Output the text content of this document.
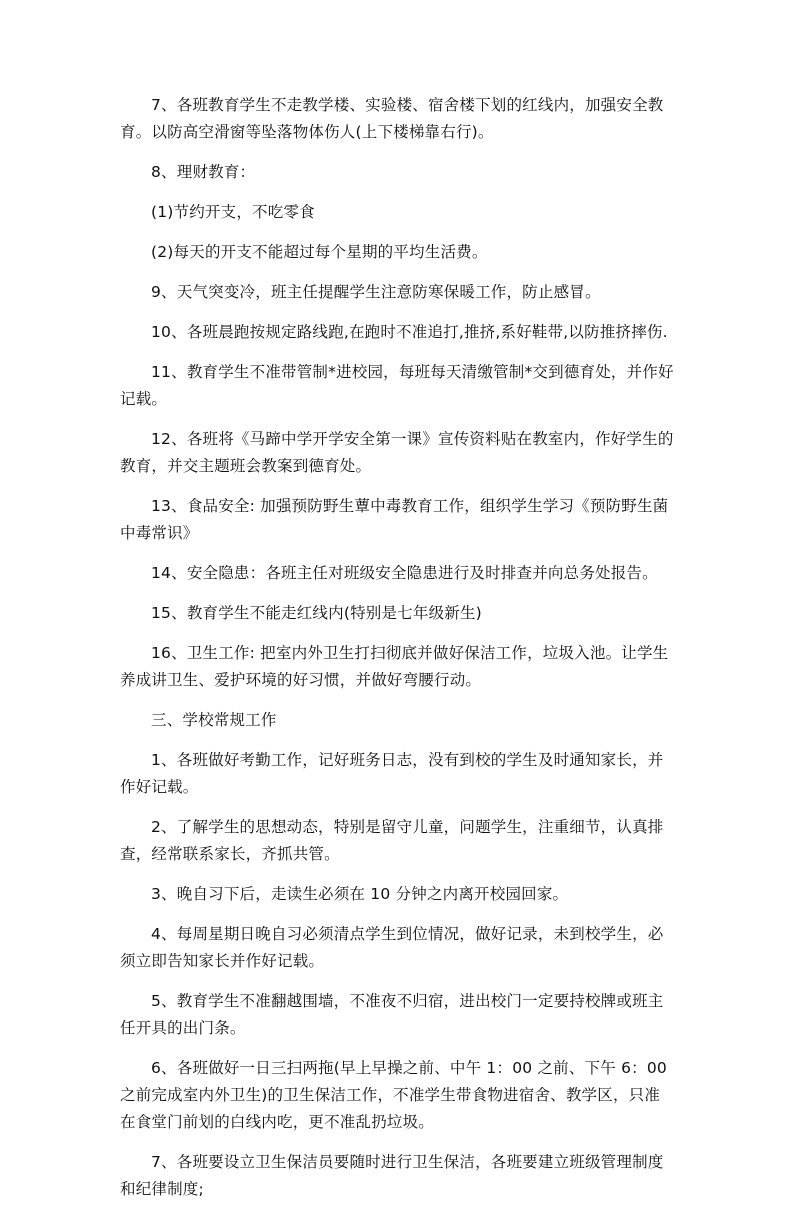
7、各班教育学生不走教学楼、实验楼、宿舍楼下划的红线内，加强安全教育。以防高空滑窗等坠落物体伤人(上下楼梯靠右行)。

8、理财教育：

(1)节约开支，不吃零食

(2)每天的开支不能超过每个星期的平均生活费。

9、天气突变冷，班主任提醒学生注意防寒保暖工作，防止感冒。

10、各班晨跑按规定路线跑,在跑时不准追打,推挤,系好鞋带,以防推挤摔伤.

11、教育学生不准带管制*进校园，每班每天清缴管制*交到德育处，并作好记载。

12、各班将《马蹄中学开学安全第一课》宣传资料贴在教室内，作好学生的教育，并交主题班会教案到德育处。

13、食品安全: 加强预防野生蕈中毒教育工作，组织学生学习《预防野生菌中毒常识》

14、安全隐患：各班主任对班级安全隐患进行及时排查并向总务处报告。

15、教育学生不能走红线内(特别是七年级新生)

16、卫生工作: 把室内外卫生打扫彻底并做好保洁工作，垃圾入池。让学生养成讲卫生、爱护环境的好习惯，并做好弯腰行动。

三、学校常规工作

1、各班做好考勤工作，记好班务日志，没有到校的学生及时通知家长，并作好记载。

2、了解学生的思想动态，特别是留守儿童，问题学生，注重细节，认真排查，经常联系家长，齐抓共管。

3、晚自习下后，走读生必须在 10 分钟之内离开校园回家。

4、每周星期日晚自习必须清点学生到位情况，做好记录，未到校学生，必须立即告知家长并作好记载。

5、教育学生不准翻越围墙，不准夜不归宿，进出校门一定要持校牌或班主任开具的出门条。

6、各班做好一日三扫两拖(早上早操之前、中午 1：00 之前、下午 6：00 之前完成室内外卫生)的卫生保洁工作，不准学生带食物进宿舍、教学区，只准在食堂门前划的白线内吃，更不准乱扔垃圾。

7、各班要设立卫生保洁员要随时进行卫生保洁，各班要建立班级管理制度和纪律制度;
